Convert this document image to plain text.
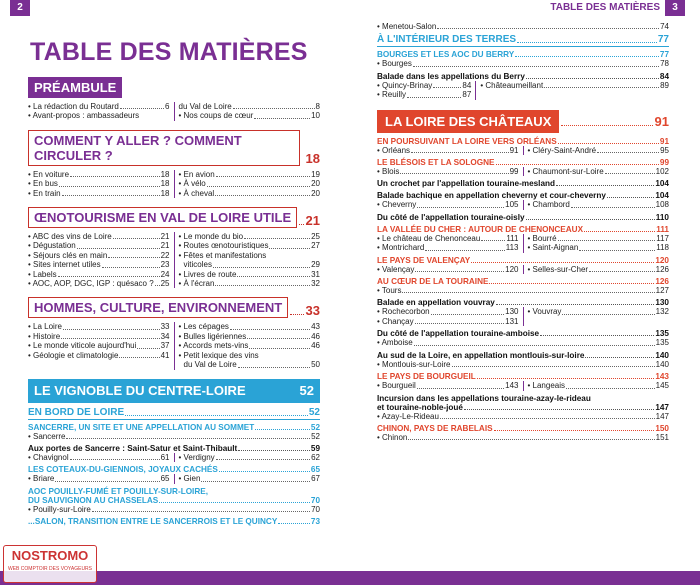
2	TABLE DES MATIÈRES	3
TABLE DES MATIÈRES
PRÉAMBULE
• La rédaction du Routard	6
• Avant-propos : ambassadeurs
du Val de Loire	8
• Nos coups de cœur	10
COMMENT Y ALLER ? COMMENT CIRCULER ?	18
• En voiture	18
• En bus	18
• En train	18
• En avion	19
• À vélo	20
• À cheval	20
ŒNOTOURISME EN VAL DE LOIRE UTILE	21
• ABC des vins de Loire	21
• Dégustation	21
• Séjours clés en main	22
• Sites internet utiles	23
• Labels	24
• AOC, AOP, DGC, IGP : quésaco ? 25
• Le monde du bio	25
• Routes œnotouristiques	27
• Fêtes et manifestations
viticoles	29
• Livres de route	31
• À l'écran	32
HOMMES, CULTURE, ENVIRONNEMENT	33
• La Loire	33
• Histoire	34
• Le monde viticole aujourd'hui	37
• Géologie et climatologie	41
• Les cépages	43
• Bulles ligériennes	46
• Accords mets-vins	46
• Petit lexique des vins
du Val de Loire	50
LE VIGNOBLE DU CENTRE-LOIRE	52
EN BORD DE LOIRE	52
SANCERRE, UN SITE ET UNE APPELLATION AU SOMMET	52
• Sancerre	52
Aux portes de Sancerre : Saint-Satur et Saint-Thibault	59
• Chavignol	61 • Verdigny	62
LES COTEAUX-DU-GIENNOIS, JOYAUX CACHÉS	65
• Briare	65 • Gien	67
AOC POUILLY-FUMÉ ET POUILLY-SUR-LOIRE,
DU SAUVIGNON AU CHASSELAS	70
• Pouilly-sur-Loire	70
...SALON, TRANSITION ENTRE LE SANCERROIS ET LE QUINCY	73
• Menetou-Salon	74
À L'INTÉRIEUR DES TERRES	77
BOURGES ET LES AOC DU BERRY	77
• Bourges	78
Balade dans les appellations du Berry	84
• Quincy-Brinay	84
• Reuilly	87
• Châteaumeillant	89
LA LOIRE DES CHÂTEAUX	91
EN POURSUIVANT LA LOIRE VERS ORLÉANS	91
• Orléans	91 • Cléry-Saint-André	95
LE BLÉSOIS ET LA SOLOGNE	99
• Blois	99 • Chaumont-sur-Loire	102
Un crochet par l'appellation touraine-mesland	104
Balade bachique en appellation cheverny et cour-cheverny	104
• Cheverny	105 • Chambord	108
Du côté de l'appellation touraine-oisly	110
LA VALLÉE DU CHER : AUTOUR DE CHENONCEAUX	111
• Le château de Chenonceau	111
• Montrichard	113
• Bourré	117
• Saint-Aignan	118
LE PAYS DE VALENÇAY	120
• Valençay	120 • Selles-sur-Cher	126
AU CŒUR DE LA TOURAINE	126
• Tours	127
Balade en appellation vouvray	130
• Rochecorbon	130
• Chançay	131
• Vouvray	132
Du côté de l'appellation touraine-amboise	135
• Amboise	135
Au sud de la Loire, en appellation montlouis-sur-loire	140
• Montlouis-sur-Loire	140
LE PAYS DE BOURGUEIL	143
• Bourgueil	143 • Langeais	145
Incursion dans les appellations touraine-azay-le-rideau
et touraine-noble-joué	147
• Azay-Le-Rideau	147
CHINON, PAYS DE RABELAIS	150
• Chinon	151
NOSTROMO
WEB COMPTOIR DES VOYAGEURS
